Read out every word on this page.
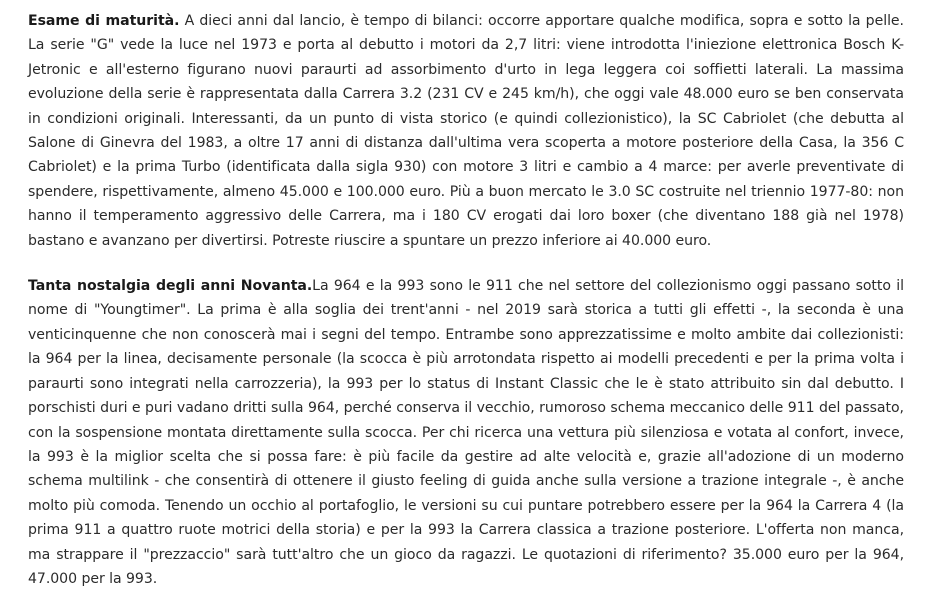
Esame di maturità. A dieci anni dal lancio, è tempo di bilanci: occorre apportare qualche modifica, sopra e sotto la pelle. La serie "G" vede la luce nel 1973 e porta al debutto i motori da 2,7 litri: viene introdotta l'iniezione elettronica Bosch K-Jetronic e all'esterno figurano nuovi paraurti ad assorbimento d'urto in lega leggera coi soffietti laterali. La massima evoluzione della serie è rappresentata dalla Carrera 3.2 (231 CV e 245 km/h), che oggi vale 48.000 euro se ben conservata in condizioni originali. Interessanti, da un punto di vista storico (e quindi collezionistico), la SC Cabriolet (che debutta al Salone di Ginevra del 1983, a oltre 17 anni di distanza dall'ultima vera scoperta a motore posteriore della Casa, la 356 C Cabriolet) e la prima Turbo (identificata dalla sigla 930) con motore 3 litri e cambio a 4 marce: per averle preventivate di spendere, rispettivamente, almeno 45.000 e 100.000 euro. Più a buon mercato le 3.0 SC costruite nel triennio 1977-80: non hanno il temperamento aggressivo delle Carrera, ma i 180 CV erogati dai loro boxer (che diventano 188 già nel 1978) bastano e avanzano per divertirsi. Potreste riuscire a spuntare un prezzo inferiore ai 40.000 euro.

Tanta nostalgia degli anni Novanta.La 964 e la 993 sono le 911 che nel settore del collezionismo oggi passano sotto il nome di "Youngtimer". La prima è alla soglia dei trent'anni - nel 2019 sarà storica a tutti gli effetti -, la seconda è una venticinquenne che non conoscerà mai i segni del tempo. Entrambe sono apprezzatissime e molto ambite dai collezionisti: la 964 per la linea, decisamente personale (la scocca è più arrotondata rispetto ai modelli precedenti e per la prima volta i paraurti sono integrati nella carrozzeria), la 993 per lo status di Instant Classic che le è stato attribuito sin dal debutto. I porschisti duri e puri vadano dritti sulla 964, perché conserva il vecchio, rumoroso schema meccanico delle 911 del passato, con la sospensione montata direttamente sulla scocca. Per chi ricerca una vettura più silenziosa e votata al confort, invece, la 993 è la miglior scelta che si possa fare: è più facile da gestire ad alte velocità e, grazie all'adozione di un moderno schema multilink - che consentirà di ottenere il giusto feeling di guida anche sulla versione a trazione integrale -, è anche molto più comoda. Tenendo un occhio al portafoglio, le versioni su cui puntare potrebbero essere per la 964 la Carrera 4 (la prima 911 a quattro ruote motrici della storia) e per la 993 la Carrera classica a trazione posteriore. L'offerta non manca, ma strappare il "prezzaccio" sarà tutt'altro che un gioco da ragazzi. Le quotazioni di riferimento? 35.000 euro per la 964, 47.000 per la 993.
